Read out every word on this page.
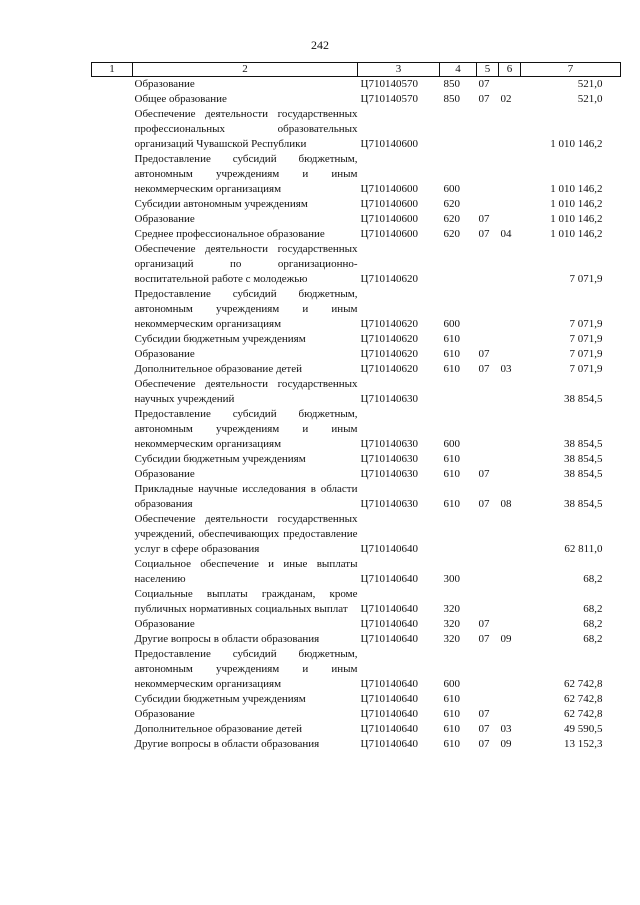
242
1	2	3	4	5	6	7
	Образование	Ц710140570	850	07		521,0
	Общее образование	Ц710140570	850	07	02	521,0
	Обеспечение деятельности государственных профессиональных образовательных организаций Чувашской Республики	Ц710140600				1 010 146,2
	Предоставление субсидий бюджетным, автономным учреждениям и иным некоммерческим организациям	Ц710140600	600			1 010 146,2
	Субсидии автономным учреждениям	Ц710140600	620			1 010 146,2
	Образование	Ц710140600	620	07		1 010 146,2
	Среднее профессиональное образование	Ц710140600	620	07	04	1 010 146,2
	Обеспечение деятельности государственных организаций по организационно-воспитательной работе с молодежью	Ц710140620				7 071,9
	Предоставление субсидий бюджетным, автономным учреждениям и иным некоммерческим организациям	Ц710140620	600			7 071,9
	Субсидии бюджетным учреждениям	Ц710140620	610			7 071,9
	Образование	Ц710140620	610	07		7 071,9
	Дополнительное образование детей	Ц710140620	610	07	03	7 071,9
	Обеспечение деятельности государственных научных учреждений	Ц710140630				38 854,5
	Предоставление субсидий бюджетным, автономным учреждениям и иным некоммерческим организациям	Ц710140630	600			38 854,5
	Субсидии бюджетным учреждениям	Ц710140630	610			38 854,5
	Образование	Ц710140630	610	07		38 854,5
	Прикладные научные исследования в области образования	Ц710140630	610	07	08	38 854,5
	Обеспечение деятельности государственных учреждений, обеспечивающих предоставление услуг в сфере образования	Ц710140640				62 811,0
	Социальное обеспечение и иные выплаты населению	Ц710140640	300			68,2
	Социальные выплаты гражданам, кроме публичных нормативных социальных выплат	Ц710140640	320			68,2
	Образование	Ц710140640	320	07		68,2
	Другие вопросы в области образования	Ц710140640	320	07	09	68,2
	Предоставление субсидий бюджетным, автономным учреждениям и иным некоммерческим организациям	Ц710140640	600			62 742,8
	Субсидии бюджетным учреждениям	Ц710140640	610			62 742,8
	Образование	Ц710140640	610	07		62 742,8
	Дополнительное образование детей	Ц710140640	610	07	03	49 590,5
	Другие вопросы в области образования	Ц710140640	610	07	09	13 152,3
